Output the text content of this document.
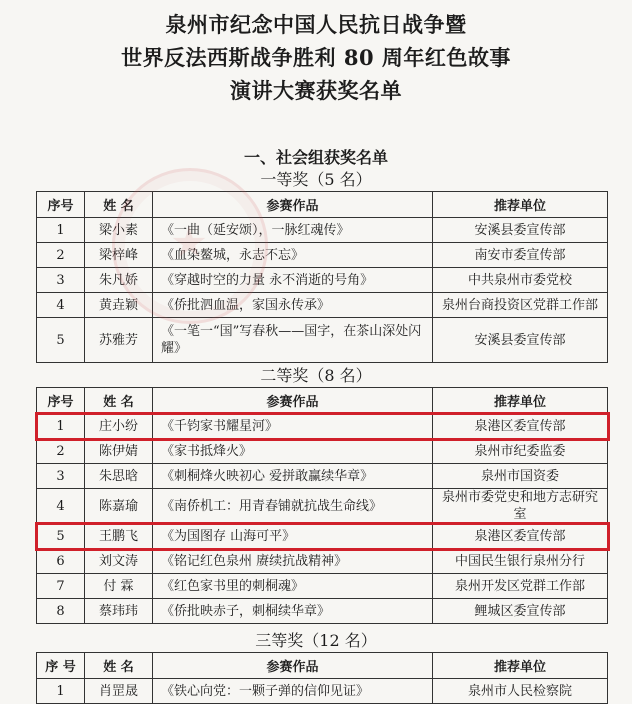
泉州市纪念中国人民抗日战争暨
世界反法西斯战争胜利 80 周年红色故事
演讲大赛获奖名单
一、社会组获奖名单
一等奖（5 名）
序号	姓 名	参赛作品	推荐单位
1	梁小素	《一曲（延安颂），一脉红魂传》	安溪县委宣传部
2	梁梓峰	《血染鳌城，永志不忘》	南安市委宣传部
3	朱凡娇	《穿越时空的力量 永不消逝的号角》	中共泉州市委党校
4	黄垚颖	《侨批泗血温，家国永传承》	泉州台商投资区党群工作部
5	苏雅芳	《一笔一“国”写春秋——国字，在茶山深处闪耀》	安溪县委宣传部
二等奖（8 名）
序号	姓 名	参赛作品	推荐单位
1	庄小纷	《千钧家书耀星河》	泉港区委宣传部
2	陈伊婧	《家书抵烽火》	泉州市纪委监委
3	朱思晗	《刺桐烽火映初心 爱拼敢赢续华章》	泉州市国资委
4	陈嘉瑜	《南侨机工：用青春铺就抗战生命线》	泉州市委党史和地方志研究室
5	王鹏飞	《为国图存 山海可平》	泉港区委宣传部
6	刘文涛	《铭记红色泉州 赓续抗战精神》	中国民生银行泉州分行
7	付 霖	《红色家书里的刺桐魂》	泉州开发区党群工作部
8	蔡玮玮	《侨批映赤子，刺桐续华章》	鲤城区委宣传部
三等奖（12 名）
序 号	姓 名	参赛作品	推荐单位
1	肖罡晟	《铁心向党：一颗子弹的信仰见证》	泉州市人民检察院
